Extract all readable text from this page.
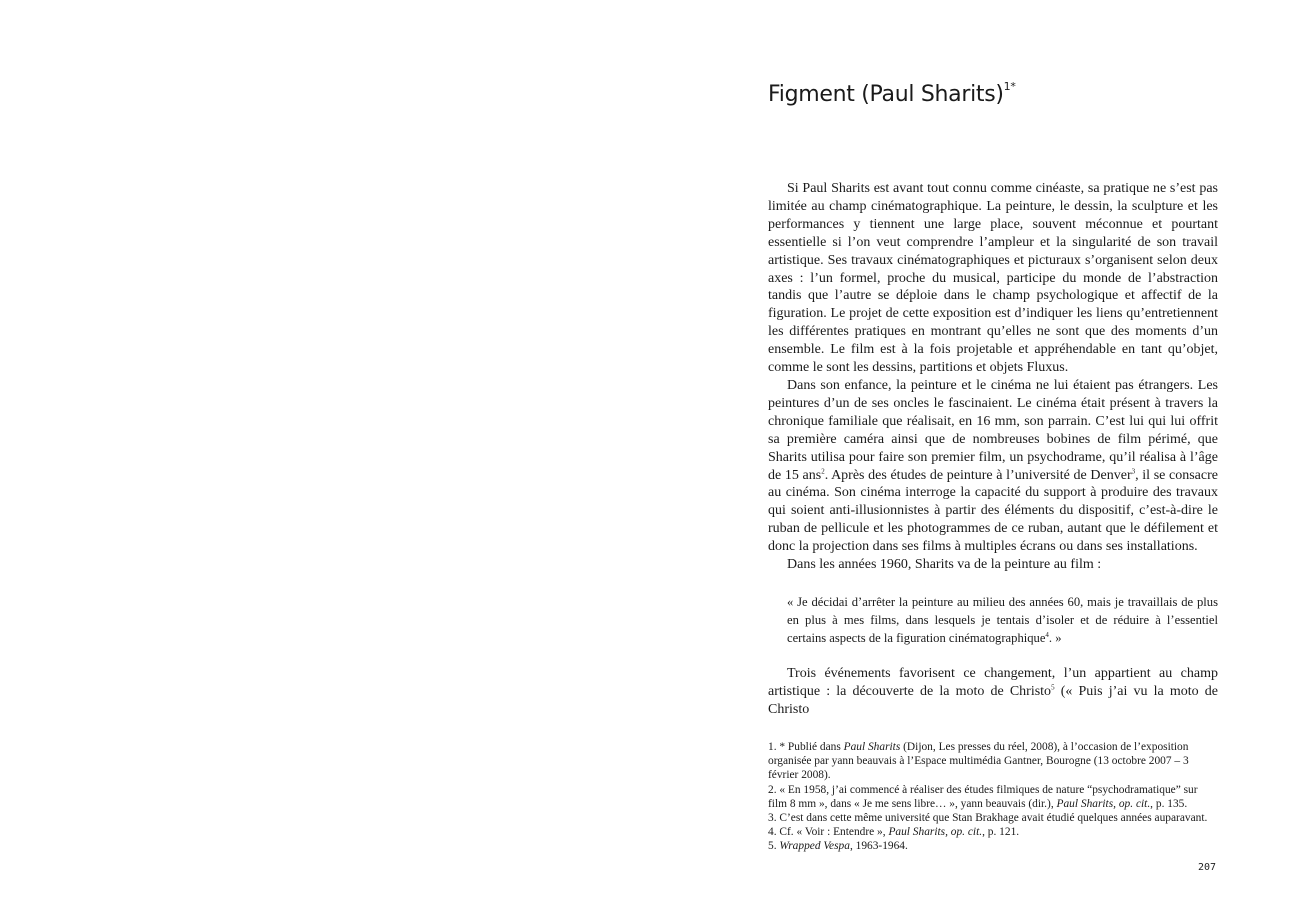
Figment (Paul Sharits)$^{1*}$

Si Paul Sharits est avant tout connu comme cinéaste, sa pratique ne s’est pas limitée au champ cinématographique. La peinture, le dessin, la sculpture et les performances y tiennent une large place, souvent méconnue et pourtant essentielle si l’on veut comprendre l’ampleur et la singularité de son travail artistique. Ses travaux cinématographiques et picturaux s’organisent selon deux axes : l’un formel, proche du musical, participe du monde de l’abstraction tandis que l’autre se déploie dans le champ psychologique et affectif de la figuration. Le projet de cette exposition est d’indiquer les liens qu’entretiennent les différentes pratiques en montrant qu’elles ne sont que des moments d’un ensemble. Le film est à la fois projetable et appréhendable en tant qu’objet, comme le sont les dessins, partitions et objets Fluxus.

Dans son enfance, la peinture et le cinéma ne lui étaient pas étrangers. Les peintures d’un de ses oncles le fascinaient. Le cinéma était présent à travers la chronique familiale que réalisait, en 16 mm, son parrain. C’est lui qui lui offrit sa première caméra ainsi que de nombreuses bobines de film périmé, que Sharits utilisa pour faire son premier film, un psychodrame, qu’il réalisa à l’âge de 15 ans$^2$. Après des études de peinture à l’université de Denver$^3$, il se consacre au cinéma. Son cinéma interroge la capacité du support à produire des travaux qui soient anti-illusionnistes à partir des éléments du dispositif, c’est-à-dire le ruban de pellicule et les photogrammes de ce ruban, autant que le défilement et donc la projection dans ses films à multiples écrans ou dans ses installations.

Dans les années 1960, Sharits va de la peinture au film :

« Je décidai d’arrêter la peinture au milieu des années 60, mais je travaillais de plus en plus à mes films, dans lesquels je tentais d’isoler et de réduire à l’essentiel certains aspects de la figuration cinématographique$^4$. »

Trois événements favorisent ce changement, l’un appartient au champ artistique : la découverte de la moto de Christo$^5$ (« Puis j’ai vu la moto de Christo

1. * Publié dans Paul Sharits (Dijon, Les presses du réel, 2008), à l’occasion de l’exposition organisée par yann beauvais à l’Espace multimédia Gantner, Bourogne (13 octobre 2007 – 3 février 2008).
2. « En 1958, j’ai commencé à réaliser des études filmiques de nature “psychodramatique” sur film 8 mm », dans « Je me sens libre… », yann beauvais (dir.), Paul Sharits, op. cit., p. 135.
3. C’est dans cette même université que Stan Brakhage avait étudié quelques années auparavant.
4. Cf. « Voir : Entendre », Paul Sharits, op. cit., p. 121.
5. Wrapped Vespa, 1963-1964.
207
